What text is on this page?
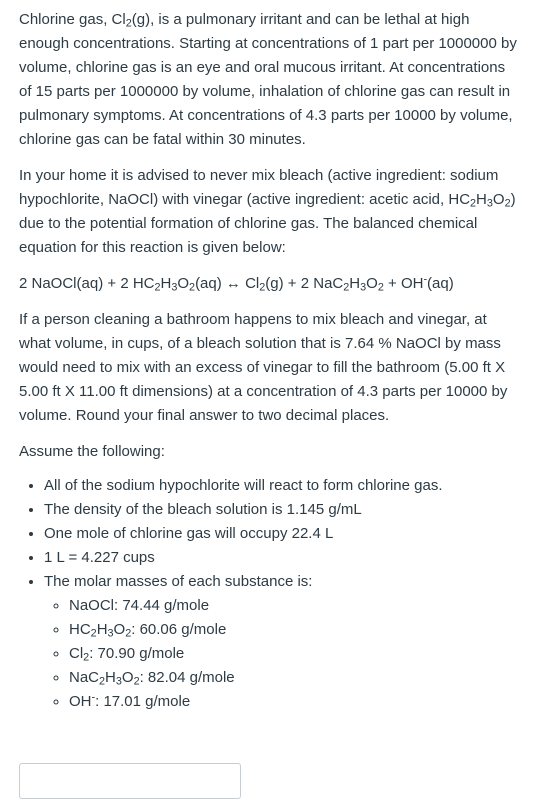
Chlorine gas, $Cl_2(g)$, is a pulmonary irritant and can be lethal at high enough concentrations. Starting at concentrations of 1 part per 1000000 by volume, chlorine gas is an eye and oral mucous irritant. At concentrations of 15 parts per 1000000 by volume, inhalation of chlorine gas can result in pulmonary symptoms. At concentrations of 4.3 parts per 10000 by volume, chlorine gas can be fatal within 30 minutes.

In your home it is advised to never mix bleach (active ingredient: sodium hypochlorite, NaOCl) with vinegar (active ingredient: acetic acid, $HC_2H_3O_2$) due to the potential formation of chlorine gas. The balanced chemical equation for this reaction is given below:

2 NaOCl(aq) + 2 $HC_2H_3O_2(aq)$ ↔ $Cl_2(g) + 2$ $NaC_2H_3O_2 + OH^-(aq)$

If a person cleaning a bathroom happens to mix bleach and vinegar, at what volume, in cups, of a bleach solution that is 7.64 % NaOCl by mass would need to mix with an excess of vinegar to fill the bathroom (5.00 ft X 5.00 ft X 11.00 ft dimensions) at a concentration of 4.3 parts per 10000 by volume. Round your final answer to two decimal places.

Assume the following:

• All of the sodium hypochlorite will react to form chlorine gas.
• The density of the bleach solution is 1.145 g/mL
• One mole of chlorine gas will occupy 22.4 L
• 1 L = 4.227 cups
• The molar masses of each substance is:
◦ NaOCl: 74.44 g/mole
◦ $HC_2H_3O_2$: 60.06 g/mole
◦ $Cl_2$: 70.90 g/mole
◦ $NaC_2H_3O_2$: 82.04 g/mole
◦ OH-: 17.01 g/mole
